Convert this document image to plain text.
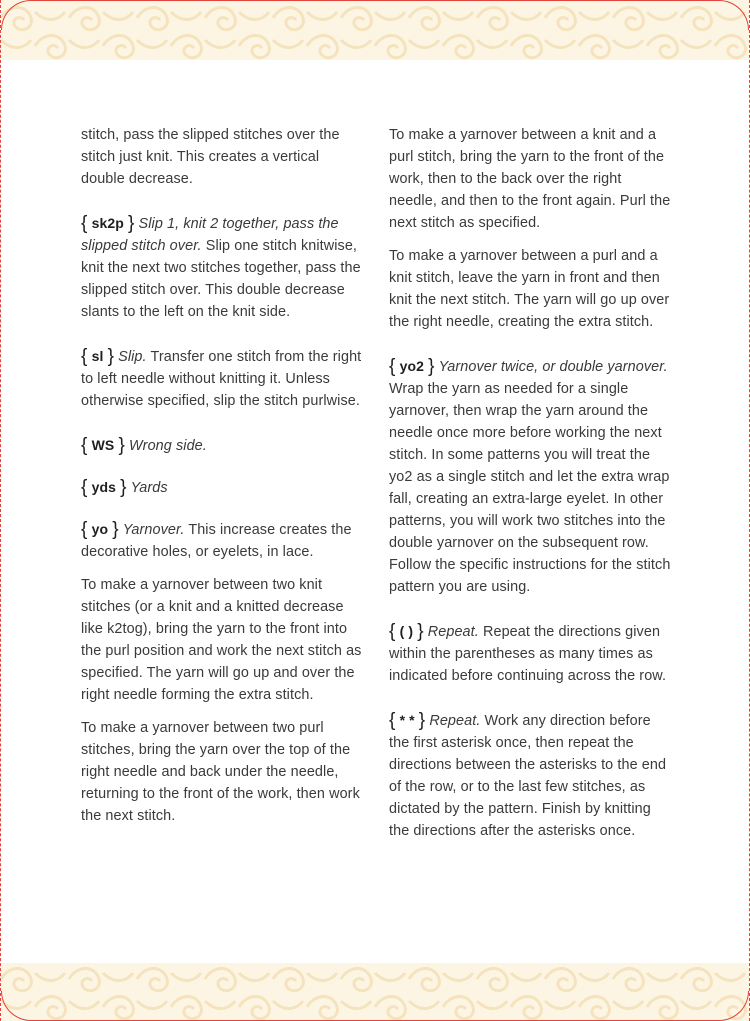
stitch, pass the slipped stitches over the stitch just knit. This creates a vertical double decrease.

{ sk2p } Slip 1, knit 2 together, pass the slipped stitch over. Slip one stitch knitwise, knit the next two stitches together, pass the slipped stitch over. This double decrease slants to the left on the knit side.

{ sl } Slip. Transfer one stitch from the right to left needle without knitting it. Unless otherwise specified, slip the stitch purlwise.

{ WS } Wrong side.

{ yds } Yards

{ yo } Yarnover. This increase creates the decorative holes, or eyelets, in lace.

To make a yarnover between two knit stitches (or a knit and a knitted decrease like k2tog), bring the yarn to the front into the purl position and work the next stitch as specified. The yarn will go up and over the right needle forming the extra stitch.

To make a yarnover between two purl stitches, bring the yarn over the top of the right needle and back under the needle, returning to the front of the work, then work the next stitch.

To make a yarnover between a knit and a purl stitch, bring the yarn to the front of the work, then to the back over the right needle, and then to the front again. Purl the next stitch as specified.

To make a yarnover between a purl and a knit stitch, leave the yarn in front and then knit the next stitch. The yarn will go up over the right needle, creating the extra stitch.

{ yo2 } Yarnover twice, or double yarnover. Wrap the yarn as needed for a single yarnover, then wrap the yarn around the needle once more before working the next stitch. In some patterns you will treat the yo2 as a single stitch and let the extra wrap fall, creating an extra-large eyelet. In other patterns, you will work two stitches into the double yarnover on the subsequent row. Follow the specific instructions for the stitch pattern you are using.

{ ( ) } Repeat. Repeat the directions given within the parentheses as many times as indicated before continuing across the row.

{ * * } Repeat. Work any direction before the first asterisk once, then repeat the directions between the asterisks to the end of the row, or to the last few stitches, as dictated by the pattern. Finish by knitting the directions after the asterisks once.
